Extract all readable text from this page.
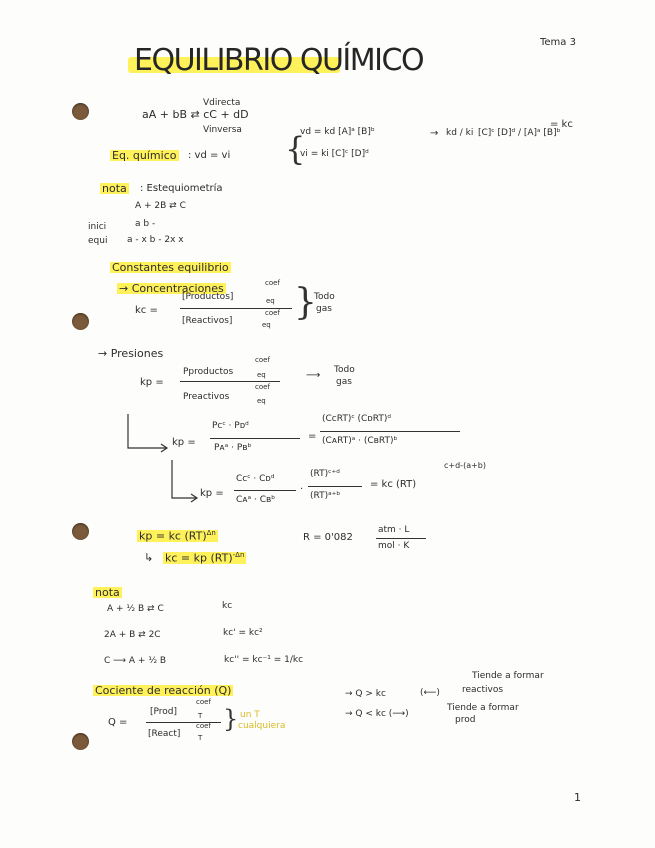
Tema 3
EQUILIBRIO QUÍMICO
Vdirecta
aA + bB ⇄ cC + dD
Vinversa
Eq. químico : vd = vi {
vd = kd [A]ᵃ [B]ᵇ
vi = ki [C]ᶜ [D]ᵈ
→ kd / ki [C]ᶜ [D]ᵈ / [A]ᵃ [B]ᵇ
= kc
nota : Estequiometría
A + 2B ⇄ C
inici	a b -
equi a - x b - 2x x
Constantes equilibrio
→ Concentraciones
kc =
coef
[Productos]	eq
coef
[Reactivos]	eq
}
Todo
gas
→ Presiones
kp =
coef
Pproductos	eq
coef
Preactivos	eq
⟶ Todo
gas
kp =
Pᴄᶜ · Pᴅᵈ
Pᴀᵃ · Pʙᵇ
=
(CᴄRT)ᶜ (CᴅRT)ᵈ
(CᴀRT)ᵃ · (CʙRT)ᵇ
kp =
Cᴄᶜ · Cᴅᵈ
Cᴀᵃ · Cʙᵇ
·
(RT)ᶜ⁺ᵈ
(RT)ᵃ⁺ᵇ
= kc (RT)
c+d-(a+b)
kp = kc (RT)$^{\Delta n}$
↳ kc = kp (RT)$^{-\Delta n}$
R = 0'082
atm · L
mol · K
nota
A + ½ B ⇄ C	kc
2A + B ⇄ 2C	kc' = kc²
C ⟶ A + ½ B	kc'' = kc⁻¹ = 1/kc
Cociente de reacción (Q)
Q =
coef
[Prod]	T
coef
[React]	T
} un T
cualquiera
→ Q > kc	(⟵)
Tiende a formar
reactivos
→ Q < kc (⟶)
Tiende a formar
prod
1
